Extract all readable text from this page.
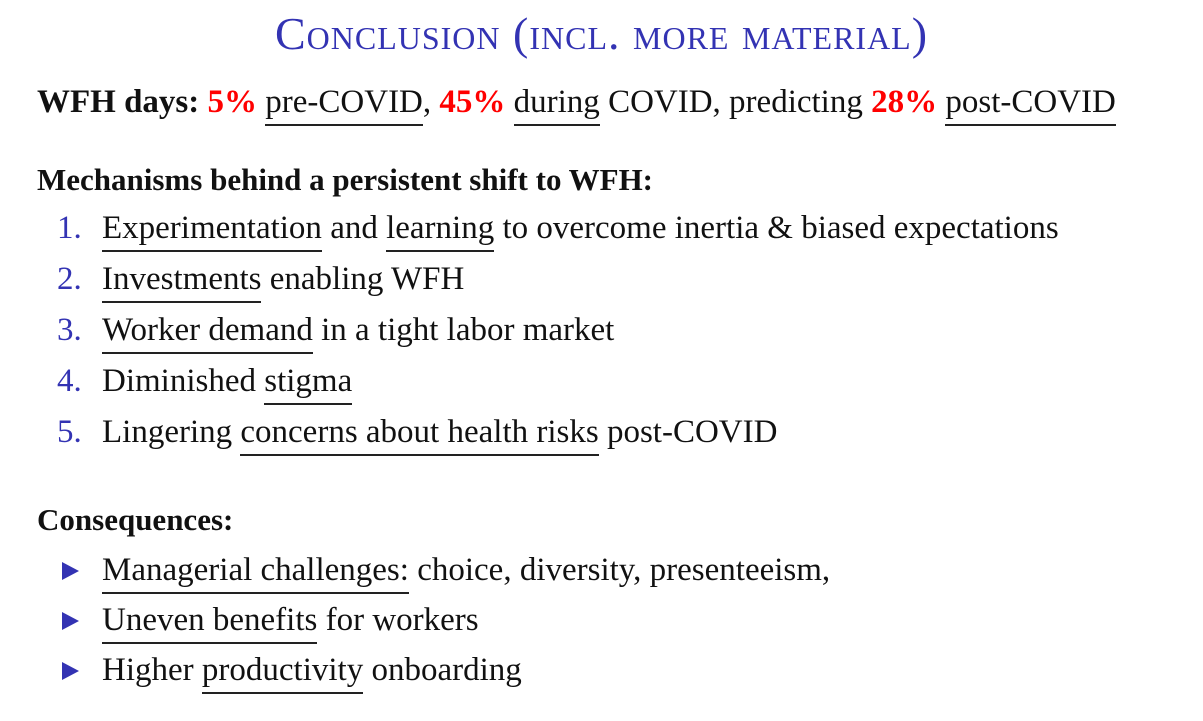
Conclusion (incl. more material)
WFH days: 5% pre-COVID, 45% during COVID, predicting 28% post-COVID
Mechanisms behind a persistent shift to WFH:
1. Experimentation and learning to overcome inertia & biased expectations
2. Investments enabling WFH
3. Worker demand in a tight labor market
4. Diminished stigma
5. Lingering concerns about health risks post-COVID
Consequences:
Managerial challenges: choice, diversity, presenteeism,
Uneven benefits for workers
Higher productivity onboarding
